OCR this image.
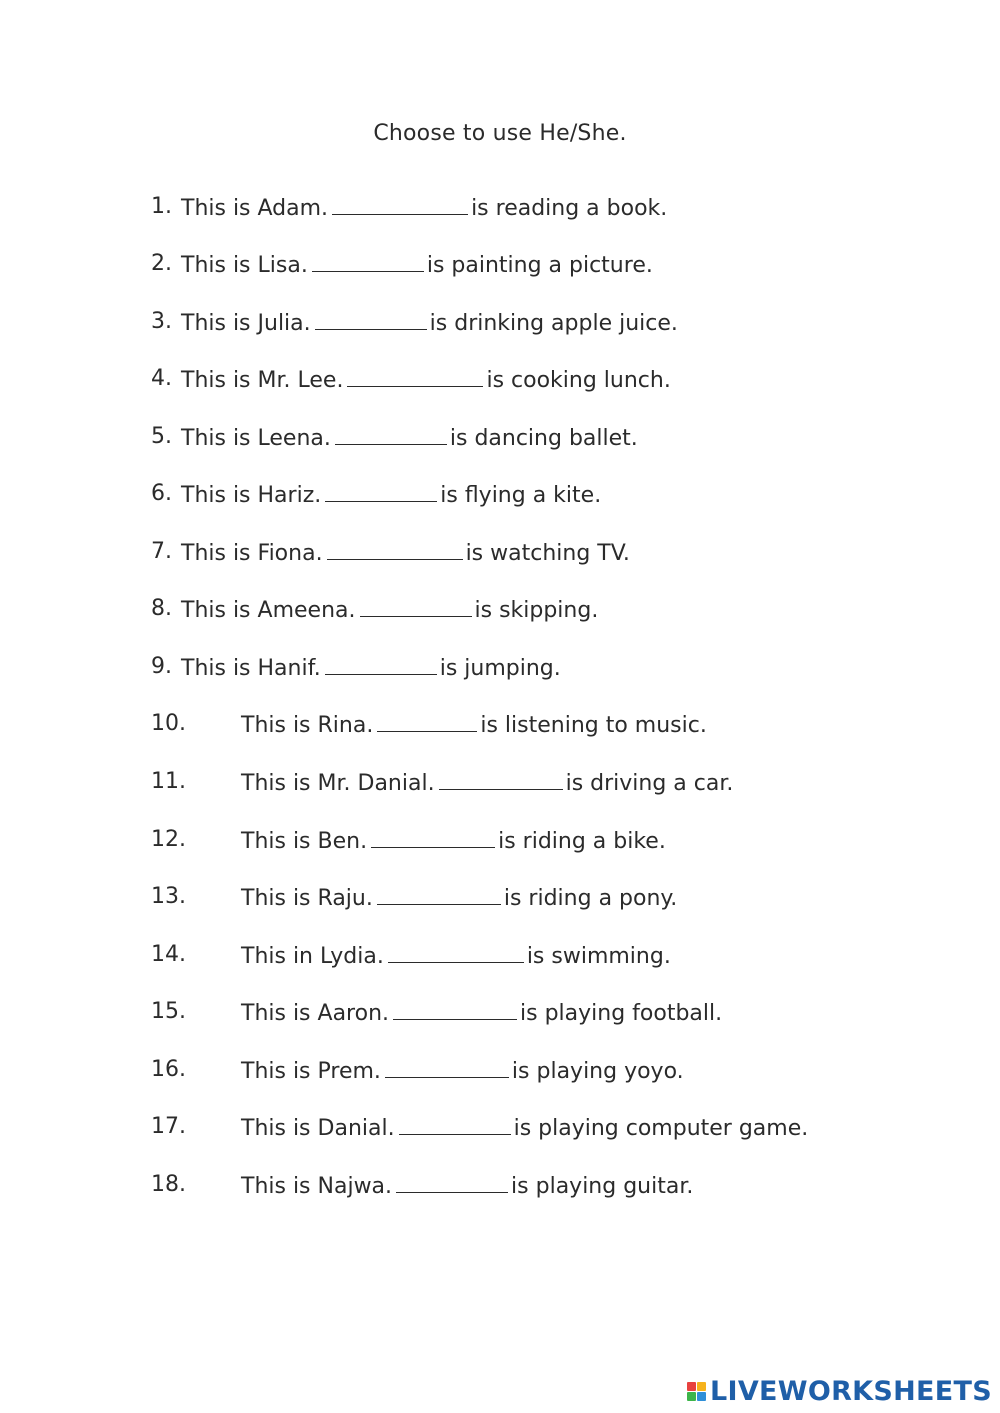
Choose to use He/She.
1. This is Adam.	is reading a book.
2. This is Lisa.	is painting a picture.
3. This is Julia.	is drinking apple juice.
4. This is Mr. Lee.	is cooking lunch.
5. This is Leena.	is dancing ballet.
6. This is Hariz.	is flying a kite.
7. This is Fiona.	is watching TV.
8. This is Ameena.	is skipping.
9. This is Hanif.	is jumping.
10.	This is Rina.	is listening to music.
11.	This is Mr. Danial.	is driving a car.
12.	This is Ben.	is riding a bike.
13.	This is Raju.	is riding a pony.
14.	This in Lydia.	is swimming.
15.	This is Aaron.	is playing football.
16.	This is Prem.	is playing yoyo.
17.	This is Danial.	is playing computer game.
18.	This is Najwa.	is playing guitar.
LIVEWORKSHEETS
